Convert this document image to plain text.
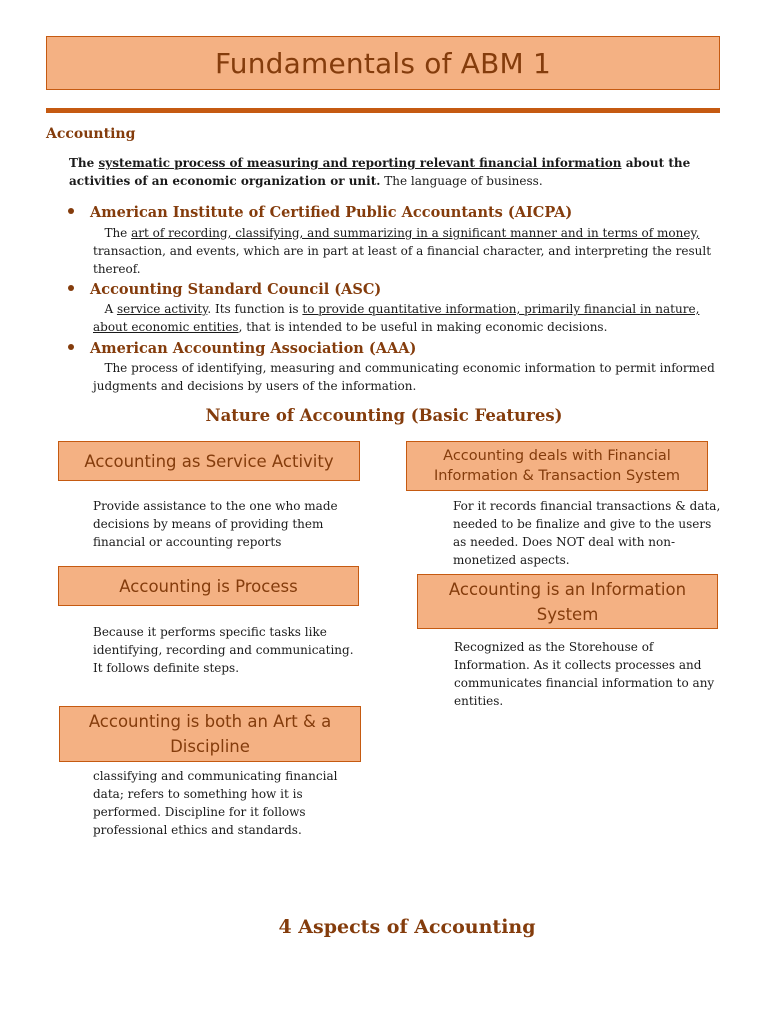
Fundamentals of ABM 1
Accounting
The systematic process of measuring and reporting relevant financial information about the activities of an economic organization or unit. The language of business.
American Institute of Certified Public Accountants (AICPA)
The art of recording, classifying, and summarizing in a significant manner and in terms of money, transaction, and events, which are in part at least of a financial character, and interpreting the result thereof.
Accounting Standard Council (ASC)
A service activity. Its function is to provide quantitative information, primarily financial in nature, about economic entities, that is intended to be useful in making economic decisions.
American Accounting Association (AAA)
The process of identifying, measuring and communicating economic information to permit informed judgments and decisions by users of the information.
Nature of Accounting (Basic Features)
Accounting as Service Activity
Provide assistance to the one who made decisions by means of providing them financial or accounting reports
Accounting deals with Financial Information & Transaction System
For it records financial transactions & data, needed to be finalize and give to the users as needed. Does NOT deal with non-monetized aspects.
Accounting is Process
Because it performs specific tasks like identifying, recording and communicating. It follows definite steps.
Accounting is an Information System
Recognized as the Storehouse of Information. As it collects processes and communicates financial information to any entities.
classifying and communicating financial data; refers to something how it is performed. Discipline for it follows professional ethics and standards.
Accounting is both an Art & a Discipline
4 Aspects of Accounting
